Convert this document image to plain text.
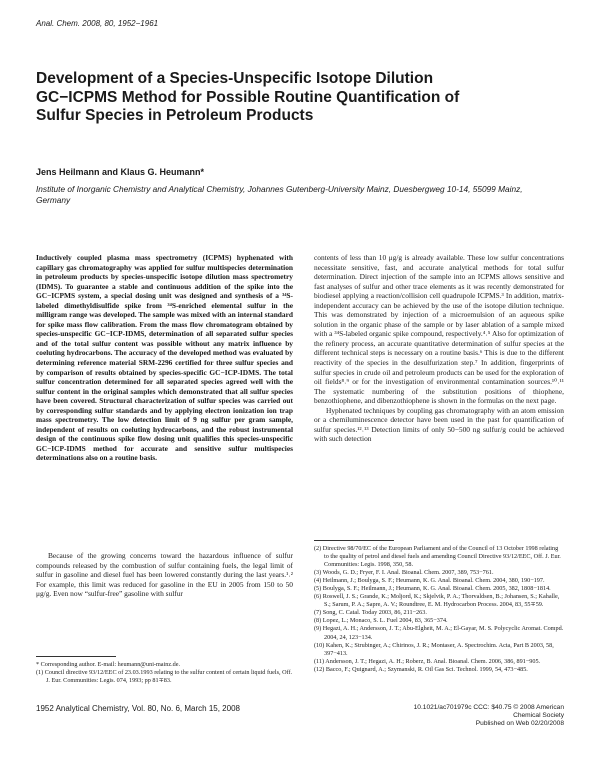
Anal. Chem. 2008, 80, 1952−1961
Development of a Species-Unspecific Isotope Dilution GC−ICPMS Method for Possible Routine Quantification of Sulfur Species in Petroleum Products
Jens Heilmann and Klaus G. Heumann*
Institute of Inorganic Chemistry and Analytical Chemistry, Johannes Gutenberg-University Mainz, Duesbergweg 10-14, 55099 Mainz, Germany
Inductively coupled plasma mass spectrometry (ICPMS) hyphenated with capillary gas chromatography was applied for sulfur multispecies determination in petroleum products by species-unspecific isotope dilution mass spectrometry (IDMS). To guarantee a stable and continuous addition of the spike into the GC−ICPMS system, a special dosing unit was designed and synthesis of a ³⁴S-labeled dimethyldisulfide spike from ³⁴S-enriched elemental sulfur in the milligram range was developed. The sample was mixed with an internal standard for spike mass flow calibration. From the mass flow chromatogram obtained by species-unspecific GC−ICP-IDMS, determination of all separated sulfur species and of the total sulfur content was possible without any matrix influence by coeluting hydrocarbons. The accuracy of the developed method was evaluated by determining reference material SRM-2296 certified for three sulfur species and by comparison of results obtained by species-specific GC−ICP-IDMS. The total sulfur concentration determined for all separated species agreed well with the sulfur content in the original samples which demonstrated that all sulfur species have been covered. Structural characterization of sulfur species was carried out by corresponding sulfur standards and by applying electron ionization ion trap mass spectrometry. The low detection limit of 9 ng sulfur per gram sample, independent of results on coeluting hydrocarbons, and the robust instrumental design of the continuous spike flow dosing unit qualifies this species-unspecific GC−ICP-IDMS method for accurate and sensitive sulfur multispecies determinations also on a routine basis.

Because of the growing concerns toward the hazardous influence of sulfur compounds released by the combustion of sulfur containing fuels, the legal limit of sulfur in gasoline and diesel fuel has been lowered constantly during the last years.¹˒² For example, this limit was reduced for gasoline in the EU in 2005 from 150 to 50 μg/g. Even now “sulfur-free” gasoline with sulfur

* Corresponding author. E-mail: heumann@uni-mainz.de.

(1) Council directive 93/12/EEC of 23.03.1993 relating to the sulfur content of certain liquid fuels, Off. J. Eur. Communities: Legis. 074, 1993; pp 81∓83.

contents of less than 10 μg/g is already available. These low sulfur concentrations necessitate sensitive, fast, and accurate analytical methods for total sulfur determination. Direct injection of the sample into an ICPMS allows sensitive and fast analyses of sulfur and other trace elements as it was recently demonstrated for biodiesel applying a reaction/collision cell quadrupole ICPMS.³ In addition, matrix-independent accuracy can be achieved by the use of the isotope dilution technique. This was demonstrated by injection of a microemulsion of an aqueous spike solution in the organic phase of the sample or by laser ablation of a sample mixed with a ³⁴S-labeled organic spike compound, respectively.⁴˒⁵ Also for optimization of the refinery process, an accurate quantitative determination of sulfur species at the different technical steps is necessary on a routine basis.⁶ This is due to the different reactivity of the species in the desulfurization step.⁷ In addition, fingerprints of sulfur species in crude oil and petroleum products can be used for the exploration of oil fields⁸˒⁹ or for the investigation of environmental contamination sources.¹⁰˒¹¹ The systematic numbering of the substitution positions of thiophene, benzothiophene, and dibenzothiophene is shown in the formulas on the next page.

Hyphenated techniques by coupling gas chromatography with an atom emission or a chemiluminescence detector have been used in the past for quantification of sulfur species.¹²˒¹³ Detection limits of only 50−500 ng sulfur/g could be achieved with such detection

(2) Directive 98/70/EC of the European Parliament and of the Council of 13 October 1998 relating to the quality of petrol and diesel fuels and amending Council Directive 93/12/EEC, Off. J. Eur. Communities: Legis. 1998, 350, 58.

(3) Woods, G. D.; Fryer, F. I. Anal. Bioanal. Chem. 2007, 389, 753−761.

(4) Heilmann, J.; Boulyga, S. F.; Heumann, K. G. Anal. Bioanal. Chem. 2004, 380, 190−197.

(5) Boulyga, S. F.; Heilmann, J.; Heumann, K. G. Anal. Bioanal. Chem. 2005, 382, 1808−1814.

(6) Roswell, J. S.; Grande, K.; Moljord, K.; Skjelvik, P. A.; Thorvaldsen, B.; Johansen, S.; Kahalle, S.; Sarum, P. A.; Sapre, A. V.; Roundtree, E. M. Hydrocarbon Process. 2004, 83, 55∓59.

(7) Song, C. Catal. Today 2003, 86, 211−263.

(8) Lopez, L.; Monaco, S. L. Fuel 2004, 83, 365−374.

(9) Hegazi, A. H.; Andersson, J. T.; Abu-Elgheit, M. A.; El-Gayar, M. S. Polycyclic Aromat. Compd. 2004, 24, 123−134.

(10) Kahen, K.; Strubinger, A.; Chirinos, J. R.; Montaser, A. Spectrochim. Acta, Part B 2003, 58, 397−413.

(11) Andersson, J. T.; Hegazi, A. H.; Roberz, B. Anal. Bioanal. Chem. 2006, 386, 891−905.

(12) Bacco, F.; Quignard, A.; Szymanski, R. Oil Gas Sci. Technol. 1999, 54, 473−485.

1952 Analytical Chemistry, Vol. 80, No. 6, March 15, 2008	10.1021/ac701979c CCC: $40.75 © 2008 American Chemical Society
Published on Web 02/20/2008
